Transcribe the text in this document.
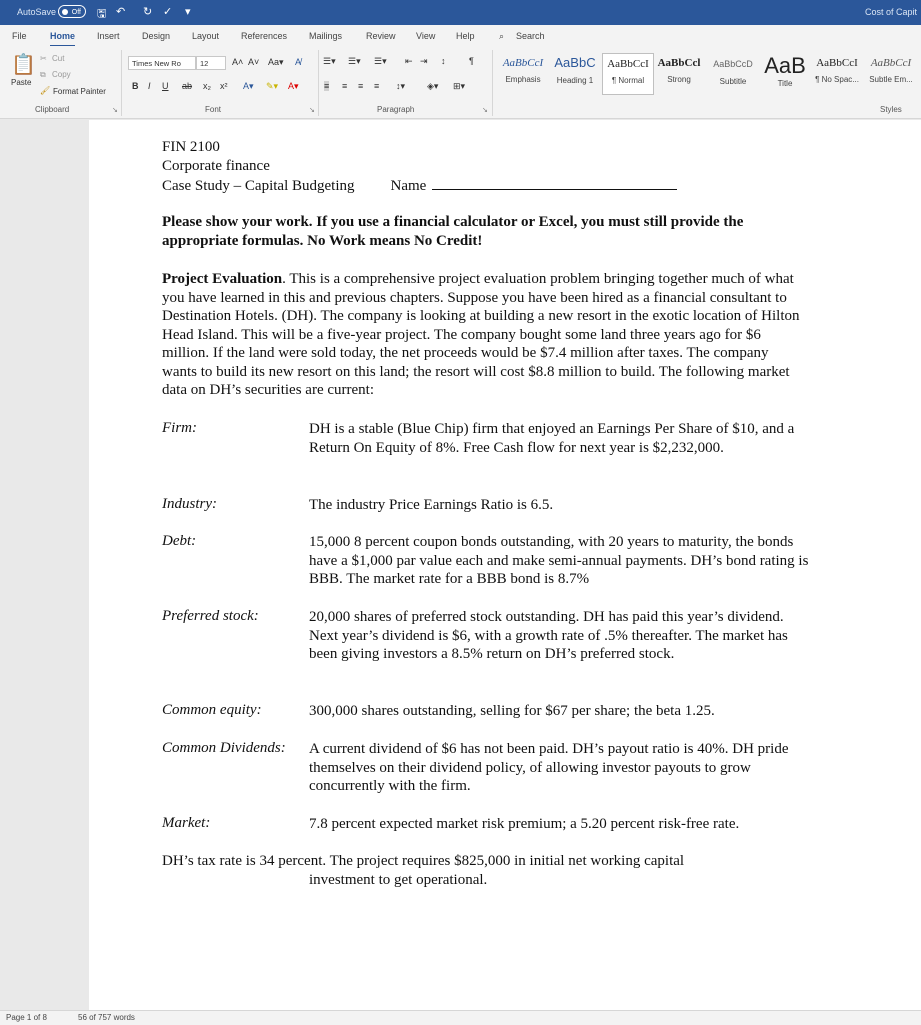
AutoSave	Off	🖫 ↶ ↻ ✓ ▾	Cost of Capit
File	Home Insert Design Layout References Mailings	Review View Help	⌕ Search
📋
Paste
✂ Cut
⧉ Copy
🖌 Format Painter
Clipboard	↘
Times New Ro	12	A˄ A˅ Aa▾ A̸
B I U ab x₂ x² A▾ ✎▾ A▾
Font	↘
☰▾ ☰▾ ☰▾ ⇤ ⇥ ↕	¶
≡ ≡ ≡ ≡ ↕▾ ◈▾ ⊞▾
Paragraph	↘
AaBbCcI
Emphasis
AaBbC
Heading 1
AaBbCcI
¶ Normal
AaBbCcl
Strong
AaBbCcD
Subtitle
AaB
Title
AaBbCcI
¶ No Spac...
AaBbCcI
Subtle Em...
Styles

FIN 2100

Corporate finance

Case Study – Capital Budgeting Name

Please show your work. If you use a financial calculator or Excel, you must still provide the appropriate formulas. No Work means No Credit!

Project Evaluation. This is a comprehensive project evaluation problem bringing together much of what you have learned in this and previous chapters. Suppose you have been hired as a financial consultant to Destination Hotels. (DH). The company is looking at building a new resort in the exotic location of Hilton Head Island. This will be a five-year project. The company bought some land three years ago for $6 million. If the land were sold today, the net proceeds would be $7.4 million after taxes. The company wants to build its new resort on this land; the resort will cost $8.8 million to build. The following market data on DH’s securities are current:

Firm:	DH is a stable (Blue Chip) firm that enjoyed an Earnings Per Share of $10, and a Return On Equity of 8%. Free Cash flow for next year is $2,232,000.

Industry:	The industry Price Earnings Ratio is 6.5.

Debt:	15,000 8 percent coupon bonds outstanding, with 20 years to maturity, the bonds have a $1,000 par value each and make semi-annual payments. DH’s bond rating is BBB. The market rate for a BBB bond is 8.7%

Preferred stock:	20,000 shares of preferred stock outstanding. DH has paid this year’s dividend. Next year’s dividend is $6, with a growth rate of .5% thereafter. The market has been giving investors a 8.5% return on DH’s preferred stock.

Common equity:	300,000 shares outstanding, selling for $67 per share; the beta 1.25.

Common Dividends: A current dividend of $6 has not been paid. DH’s payout ratio is 40%. DH pride themselves on their dividend policy, of allowing investor payouts to grow concurrently with the firm.

Market:	7.8 percent expected market risk premium; a 5.20 percent risk-free rate.

DH’s tax rate is 34 percent. The project requires $825,000 in initial net working capital

investment to get operational.

Page 1 of 8	56 of 757 words
